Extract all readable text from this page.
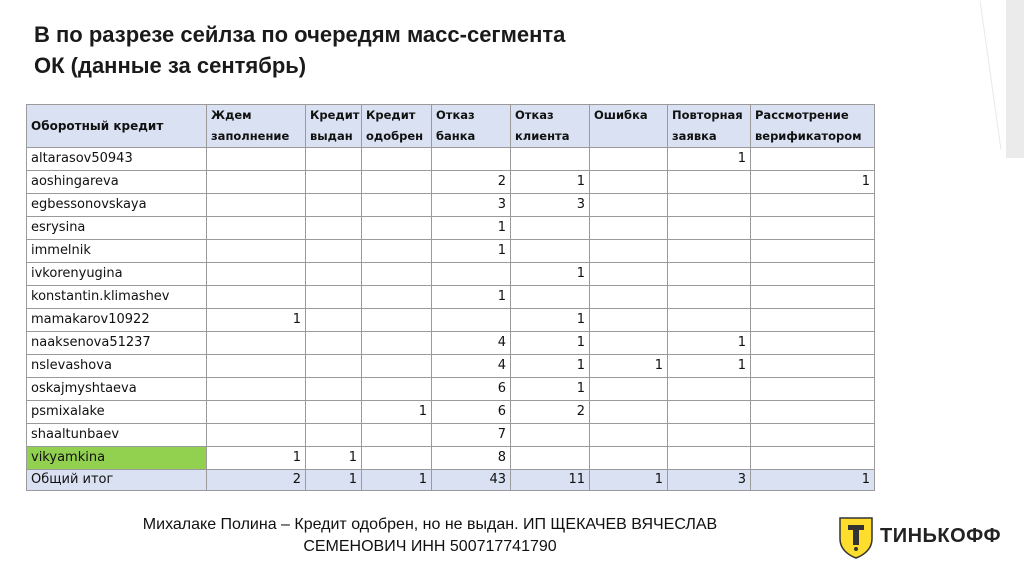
В по разрезе сейлза по очередям масс-сегмента
ОК (данные за сентябрь)
Оборотный кредит	Ждем заполнение	Кредит выдан	Кредит одобрен	Отказ банка	Отказ клиента	Ошибка	Повторная заявка	Рассмотрение верификатором
altarasov50943							1	
aoshingareva				2	1			1
egbessonovskaya				3	3			
esrysina				1				
immelnik				1				
ivkorenyugina					1			
konstantin.klimashev				1				
mamakarov10922	1				1			
naaksenova51237				4	1		1	
nslevashova				4	1	1	1	
oskajmyshtaeva				6	1			
psmixalake			1	6	2			
shaaltunbaev				7				
vikyamkina	1	1		8				
Общий итог	2	1	1	43	11	1	3	1
Михалаке Полина – Кредит одобрен, но не выдан. ИП ЩЕКАЧЕВ ВЯЧЕСЛАВ
СЕМЕНОВИЧ ИНН 500717741790	ТИНЬКОФФ
